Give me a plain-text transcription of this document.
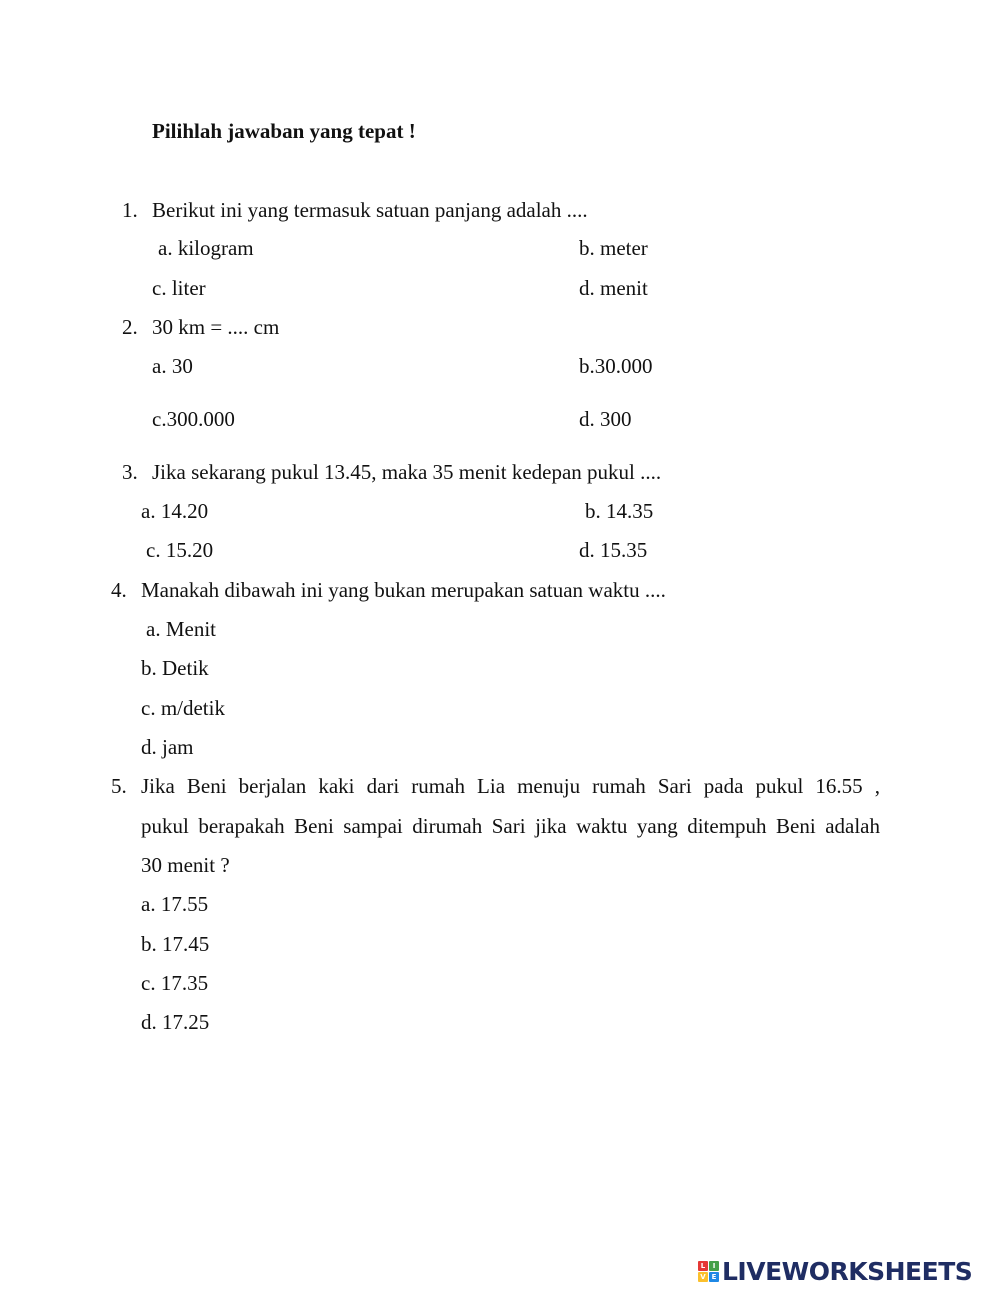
Pilihlah jawaban yang tepat !
1. Berikut ini yang termasuk satuan panjang adalah ....
a. kilogram	b. meter
c. liter	d. menit
2. 30 km = .... cm
a. 30	b.30.000
c.300.000	d. 300
3. Jika sekarang pukul 13.45, maka 35 menit kedepan pukul ....
a. 14.20	b. 14.35
c. 15.20	d. 15.35
4. Manakah dibawah ini yang bukan merupakan satuan waktu ....
a. Menit
b. Detik
c. m/detik
d. jam
5. Jika Beni berjalan kaki dari rumah Lia menuju rumah Sari pada pukul 16.55 ,
pukul berapakah Beni sampai dirumah Sari jika waktu yang ditempuh Beni adalah
30 menit ?
a. 17.55
b. 17.45
c. 17.35
d. 17.25
L	I
V E LIVEWORKSHEETS
